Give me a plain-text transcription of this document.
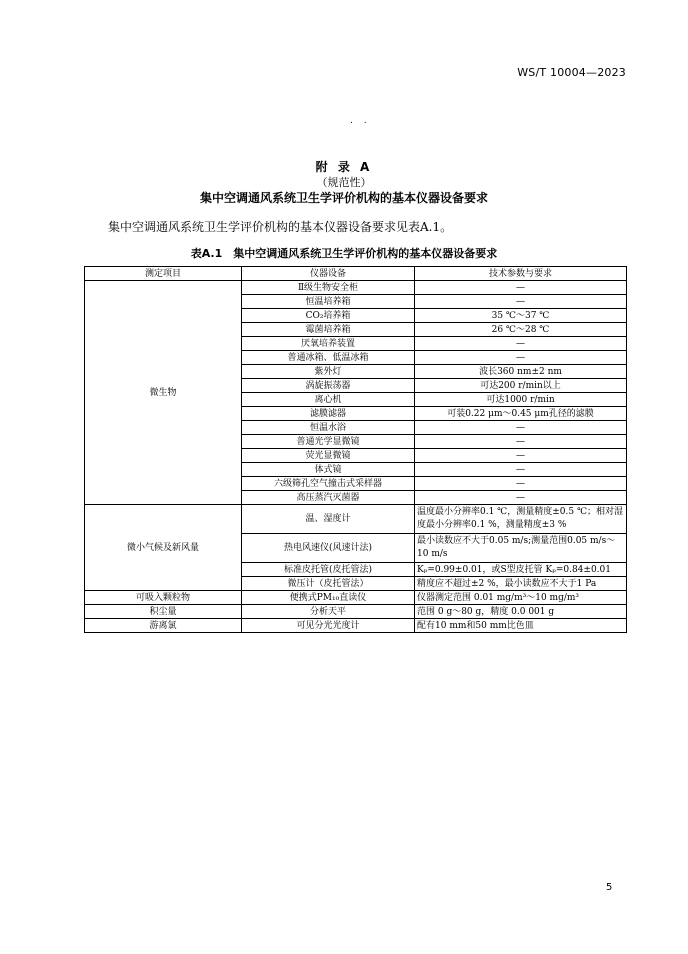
WS/T 10004—2023
. .
附 录 A
（规范性）
集中空调通风系统卫生学评价机构的基本仪器设备要求
集中空调通风系统卫生学评价机构的基本仪器设备要求见表A.1。
表A.1　集中空调通风系统卫生学评价机构的基本仪器设备要求
测定项目	仪器设备	技术参数与要求
微生物	Ⅱ级生物安全柜	—
	恒温培养箱	—
	CO₂培养箱	35 ℃～37 ℃
	霉菌培养箱	26 ℃～28 ℃
	厌氧培养装置	—
	普通冰箱、低温冰箱	—
	紫外灯	波长360 nm±2 nm
	涡旋振荡器	可达200 r/min以上
	离心机	可达1000 r/min
	滤膜滤器	可装0.22 μm～0.45 μm孔径的滤膜
	恒温水浴	—
	普通光学显微镜	—
	荧光显微镜	—
	体式镜	—
	六级筛孔空气撞击式采样器	—
	高压蒸汽灭菌器	—
微小气候及新风量	温、湿度计	温度最小分辨率0.1 ℃，测量精度±0.5 ℃；相对湿度最小分辨率0.1 %，测量精度±3 %
	热电风速仪(风速计法)	最小读数应不大于0.05 m/s;测量范围0.05 m/s～10 m/s
	标准皮托管(皮托管法)	Kₚ=0.99±0.01，或S型皮托管 Kₚ=0.84±0.01
	微压计（皮托管法）	精度应不超过±2 %，最小读数应不大于1 Pa
可吸入颗粒物	便携式PM₁₀直读仪	仪器测定范围 0.01 mg/m³～10 mg/m³
积尘量	分析天平	范围 0 g～80 g，精度 0.0 001 g
游离氯	可见分光光度计	配有10 mm和50 mm比色皿
5
